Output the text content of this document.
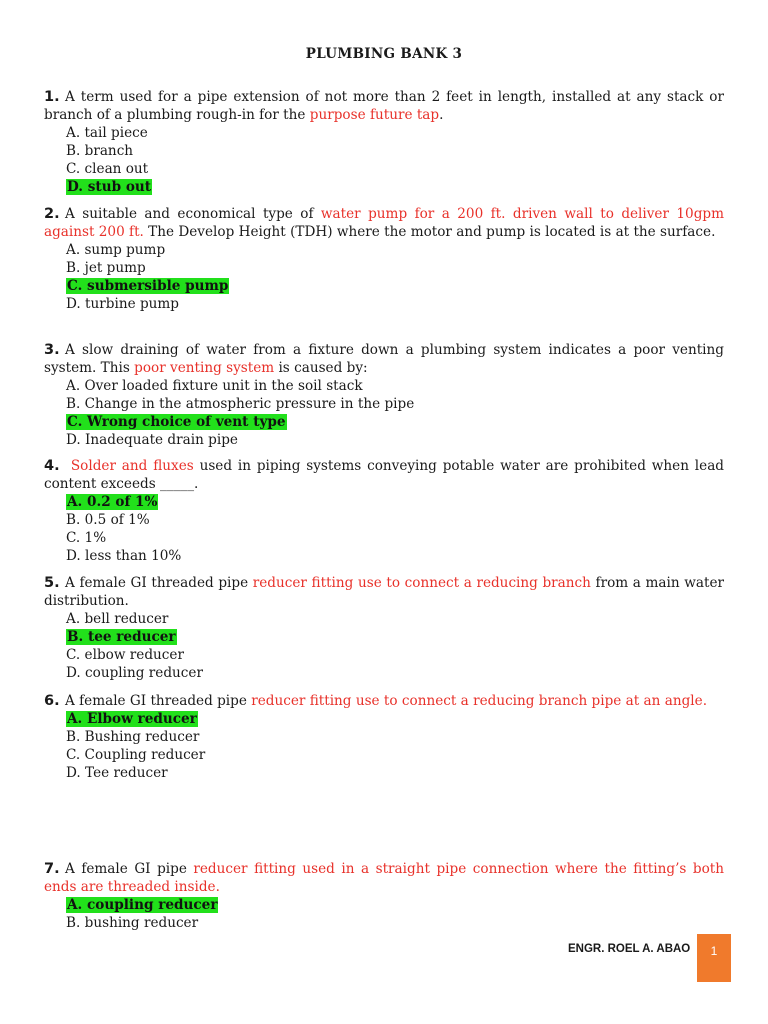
PLUMBING BANK 3
1. A term used for a pipe extension of not more than 2 feet in length, installed at any stack or branch of a plumbing rough-in for the purpose future tap.
A. tail piece
B. branch
C. clean out
D. stub out
2. A suitable and economical type of water pump for a 200 ft. driven wall to deliver 10gpm against 200 ft. The Develop Height (TDH) where the motor and pump is located is at the surface.
A. sump pump
B. jet pump
C. submersible pump
D. turbine pump
3. A slow draining of water from a fixture down a plumbing system indicates a poor venting system. This poor venting system is caused by:
A. Over loaded fixture unit in the soil stack
B. Change in the atmospheric pressure in the pipe
C. Wrong choice of vent type
D. Inadequate drain pipe
4. Solder and fluxes used in piping systems conveying potable water are prohibited when lead content exceeds _____.
A. 0.2 of 1%
B. 0.5 of 1%
C. 1%
D. less than 10%
5. A female GI threaded pipe reducer fitting use to connect a reducing branch from a main water distribution.
A. bell reducer
B. tee reducer
C. elbow reducer
D. coupling reducer
6. A female GI threaded pipe reducer fitting use to connect a reducing branch pipe at an angle.
A. Elbow reducer
B. Bushing reducer
C. Coupling reducer
D. Tee reducer
7. A female GI pipe reducer fitting used in a straight pipe connection where the fitting’s both ends are threaded inside.
A. coupling reducer
B. bushing reducer
ENGR. ROEL A. ABAO	1
